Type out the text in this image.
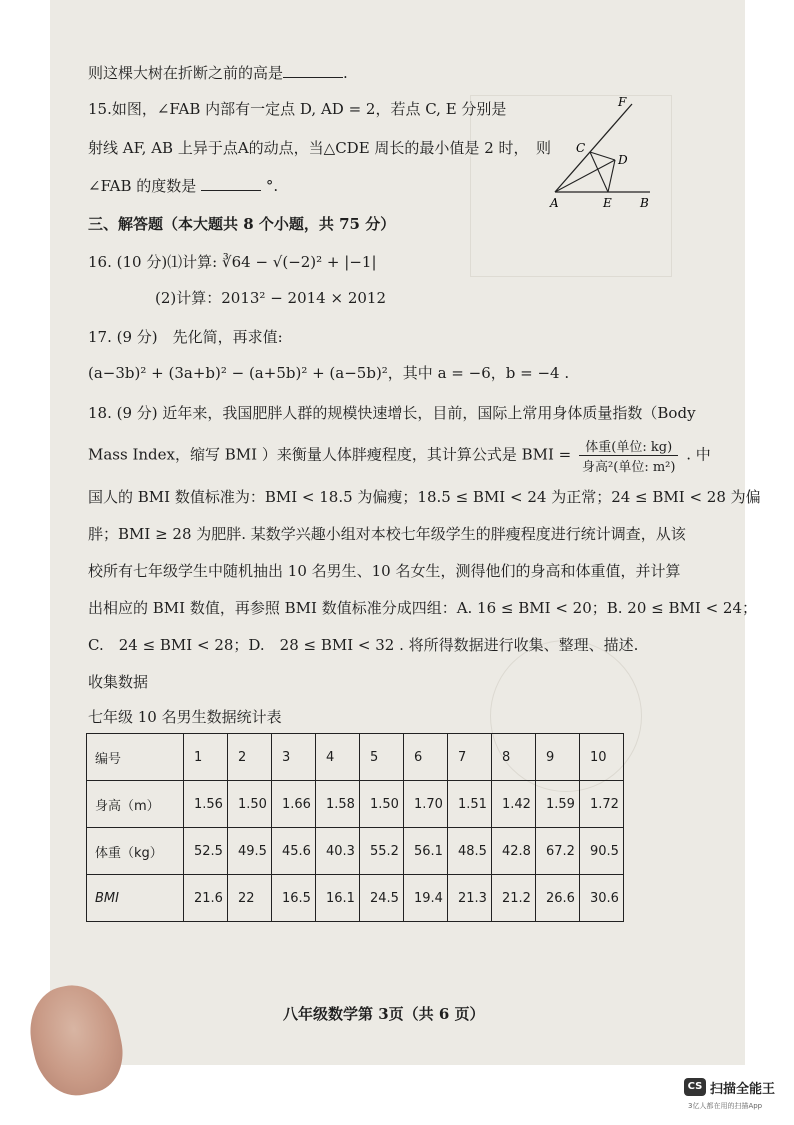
则这棵大树在折断之前的高是	.
15.如图，∠FAB 内部有一定点 D, AD = 2，若点 C, E 分别是
射线 AF, AB 上异于点A的动点，当△CDE 周长的最小值是 2 时，　则
∠FAB 的度数是	°.
F
C
D
A	E B
三、解答题（本大题共 8 个小题，共 75 分）
16. (10 分)⑴计算: ∛64 − √(−2)² + |−1|
(2)计算：2013² − 2014 × 2012
17. (9 分)　先化简，再求值:
(a−3b)² + (3a+b)² − (a+5b)² + (a−5b)²，其中 a = −6，b = −4 .
18. (9 分) 近年来，我国肥胖人群的规模快速增长，目前，国际上常用身体质量指数（Body
Mass Index，缩写 BMI ）来衡量人体胖瘦程度，其计算公式是 BMI = $\frac{\text{体重(单位: kg)}}{\text{身高²(单位: m²)}}$ . 中
国人的 BMI 数值标准为：BMI < 18.5 为偏瘦；18.5 ≤ BMI < 24 为正常；24 ≤ BMI < 28 为偏
胖；BMI ≥ 28 为肥胖. 某数学兴趣小组对本校七年级学生的胖瘦程度进行统计调查，从该
校所有七年级学生中随机抽出 10 名男生、10 名女生，测得他们的身高和体重值，并计算
出相应的 BMI 数值，再参照 BMI 数值标准分成四组：A. 16 ≤ BMI < 20；B. 20 ≤ BMI < 24；
C.　24 ≤ BMI < 28；D.　28 ≤ BMI < 32 . 将所得数据进行收集、整理、描述.
收集数据
七年级 10 名男生数据统计表
编号	1	2	3	4	5	6	7	8	9	10
身高（m）	1.56	1.50	1.66	1.58	1.50	1.70	1.51	1.42	1.59	1.72
体重（kg）	52.5	49.5	45.6	40.3	55.2	56.1	48.5	42.8	67.2	90.5
BMI	21.6	22	16.5	16.1	24.5	19.4	21.3	21.2	26.6	30.6
八年级数学第 3页（共 6 页）
CS 扫描全能王
3亿人都在用的扫描App
